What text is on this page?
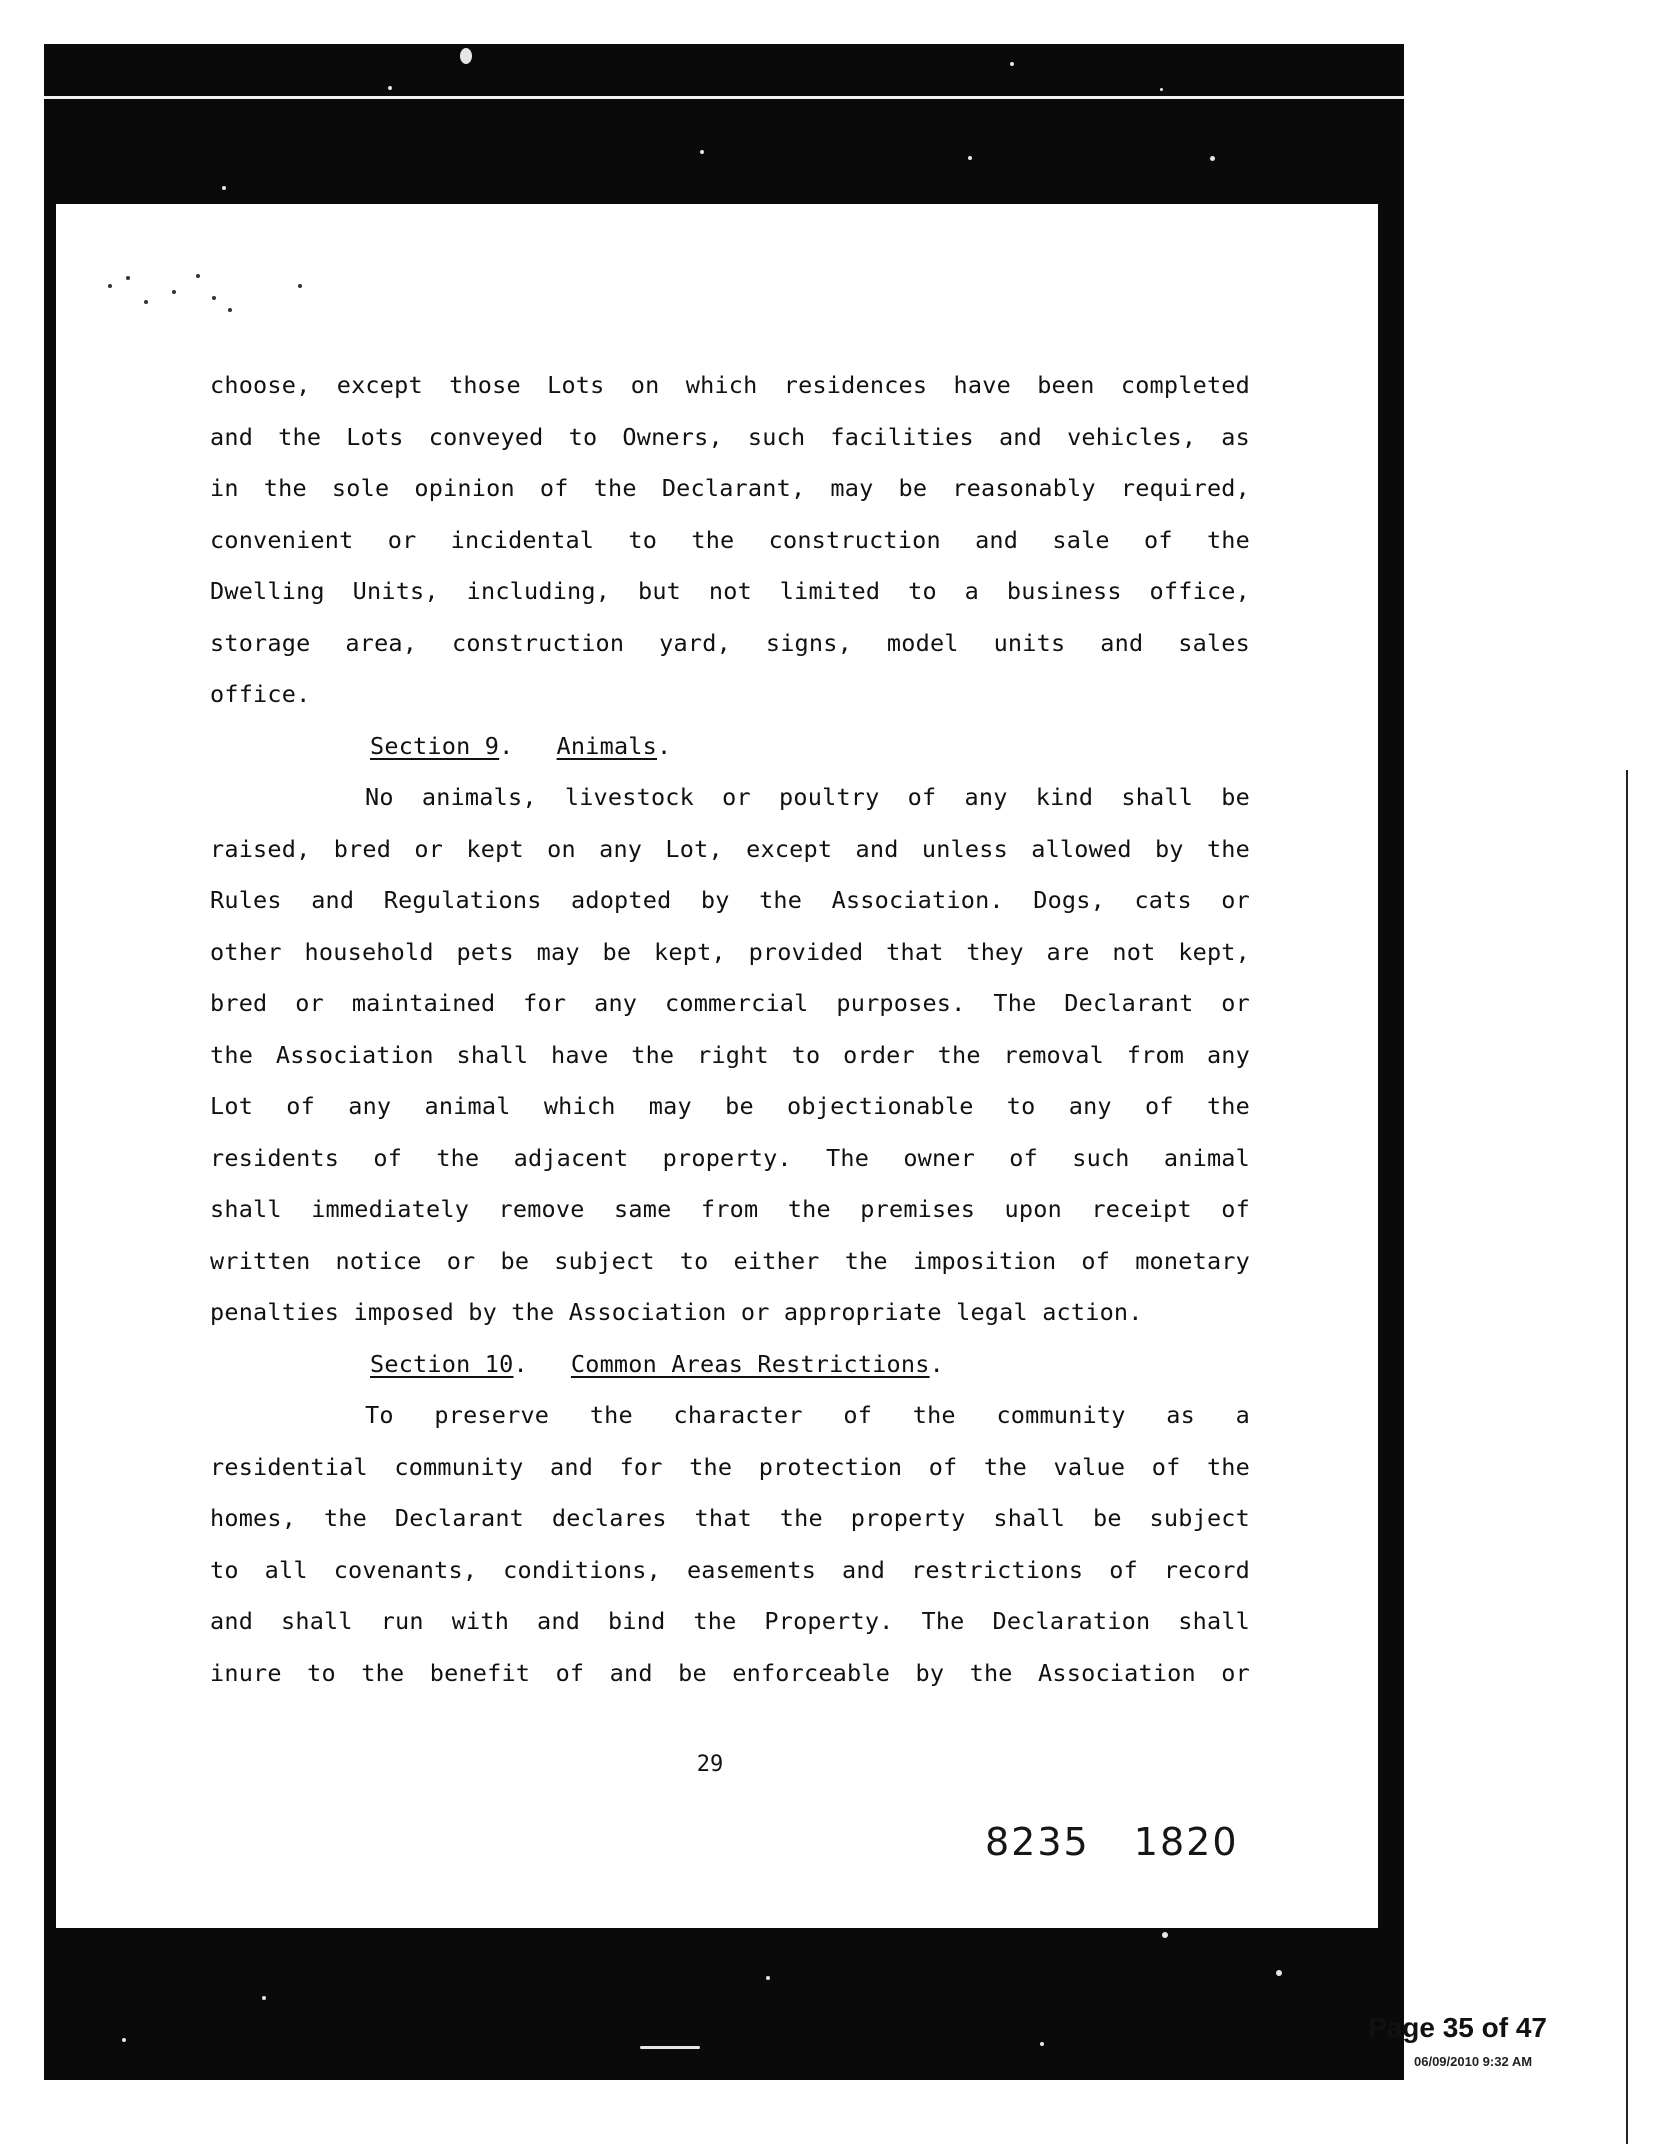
choose, except those Lots on which residences have been completed
and the Lots conveyed to Owners, such facilities and vehicles, as
in the sole opinion of the Declarant, may be reasonably required,
convenient or incidental to the construction and sale of the
Dwelling Units, including, but not limited to a business office,
storage area, construction yard, signs, model units and sales
office.
Section 9.   Animals.
No animals, livestock or poultry of any kind shall be
raised, bred or kept on any Lot, except and unless allowed by the
Rules and Regulations adopted by the Association. Dogs, cats or
other household pets may be kept, provided that they are not kept,
bred or maintained for any commercial purposes. The Declarant or
the Association shall have the right to order the removal from any
Lot of any animal which may be objectionable to any of the
residents of the adjacent property. The owner of such animal
shall immediately remove same from the premises upon receipt of
written notice or be subject to either the imposition of monetary
penalties imposed by the Association or appropriate legal action.
Section 10.   Common Areas Restrictions.
To preserve the character of the community as a
residential community and for the protection of the value of the
homes, the Declarant declares that the property shall be subject
to all covenants, conditions, easements and restrictions of record
and shall run with and bind the Property. The Declaration shall
inure to the benefit of and be enforceable by the Association or
29
8235 1820
Page 35 of 47
06/09/2010 9:32 AM
